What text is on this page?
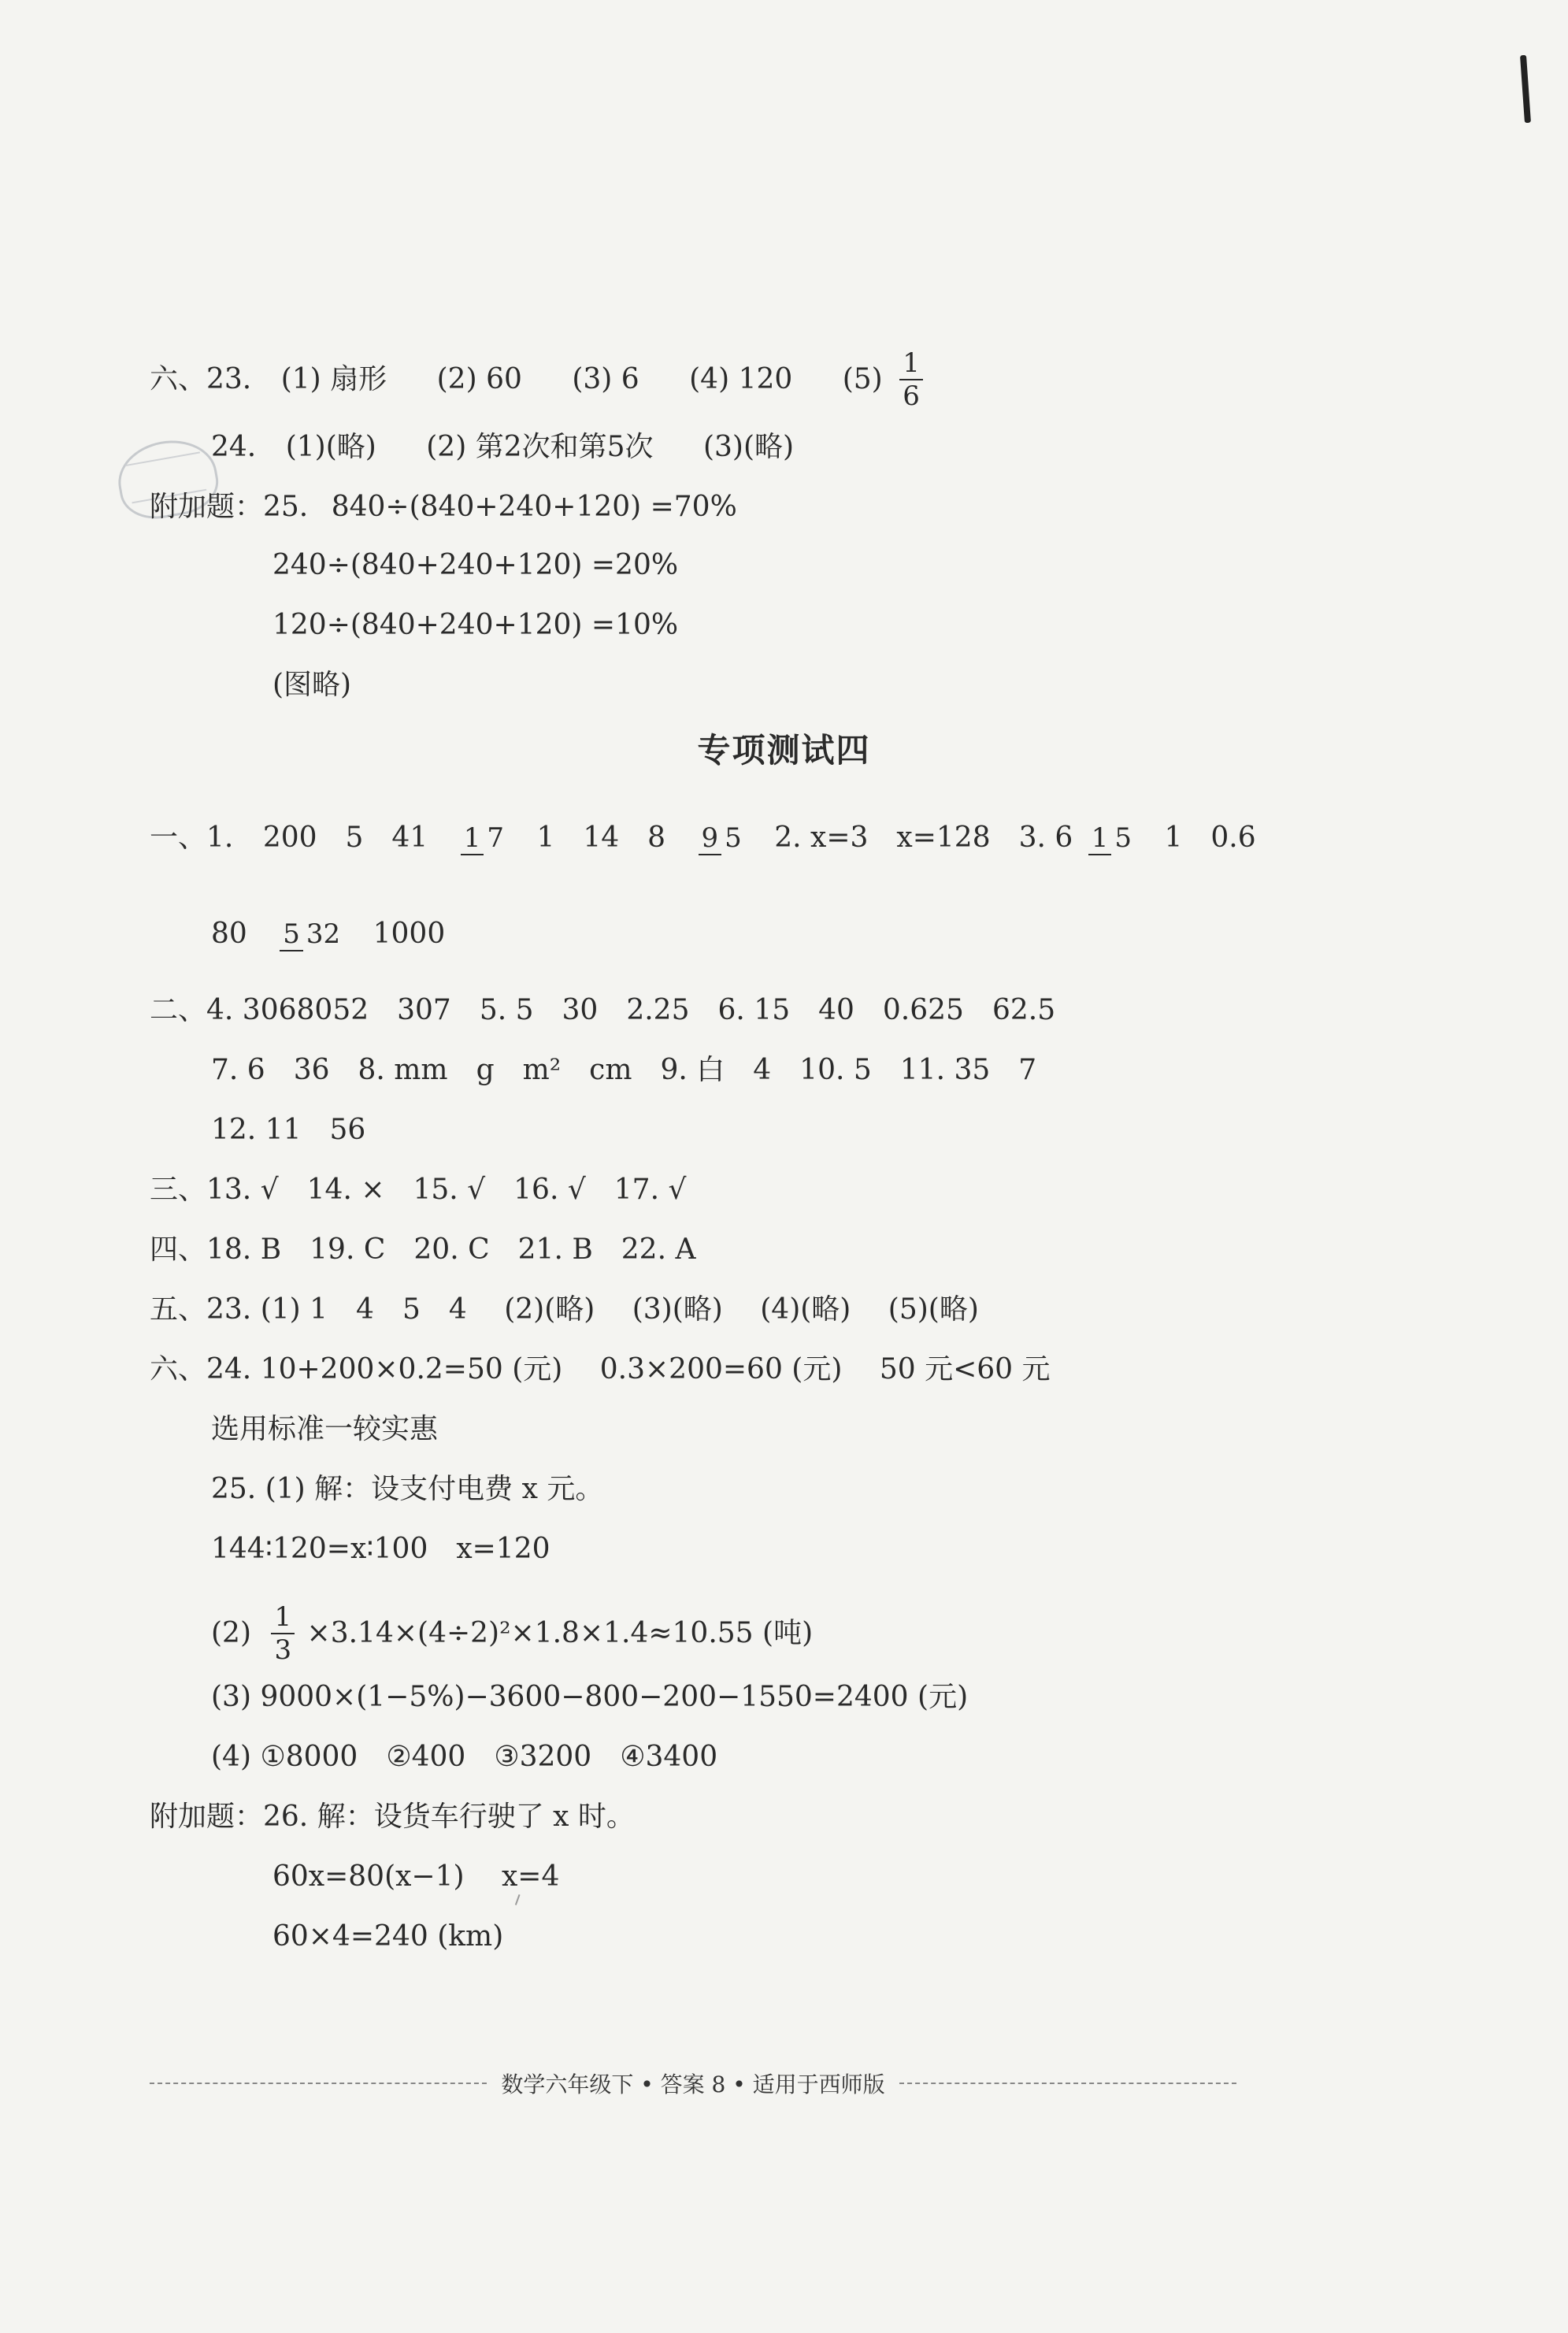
六、23. (1) 扇形 (2) 60 (3) 6 (4) 120 $(5) \frac{1}{6}$
24. (1)(略) (2) 第2次和第5次 (3)(略)
附加题：25. 840÷(840+240+120) =70%
240÷(840+240+120) =20%
120÷(840+240+120) =10%
(图略)
专项测试四
一、1. 200　5　41 1 7 1　14　8 9 5 2. x=3　x=128　3. 6 1 5 1　0.6
80 5 32 1000
二、4. 3068052　307　5. 5　30　2.25　6. 15　40　0.625　62.5
7. 6　36　8. mm　g　m²　cm　9. 白　4　10. 5　11. 35　7
12. 11　56
三、13. √　14. ×　15. √　16. √　17. √
四、18. B　19. C　20. C　21. B　22. A
五、23. (1) 1　4　5　4　 (2)(略)　 (3)(略)　 (4)(略)　 (5)(略)
六、24. 10+200×0.2=50 (元)　 0.3×200=60 (元)　 50 元<60 元
选用标准一较实惠
25. (1) 解：设支付电费 x 元。
144∶120=x∶100　x=120
$(2) \frac{1}{3} \times 3.14\times(4\div 2)^2\times 1.8\times 1.4\approx 10.55$ (吨)
(3) 9000×(1−5%)−3600−800−200−1550=2400 (元)
(4) ①8000　②400　③3200　④3400
附加题：26. 解：设货车行驶了 x 时。
60x=80(x−1)　 x=4
60×4=240 (km)
数学六年级下 • 答案 8 • 适用于西师版
